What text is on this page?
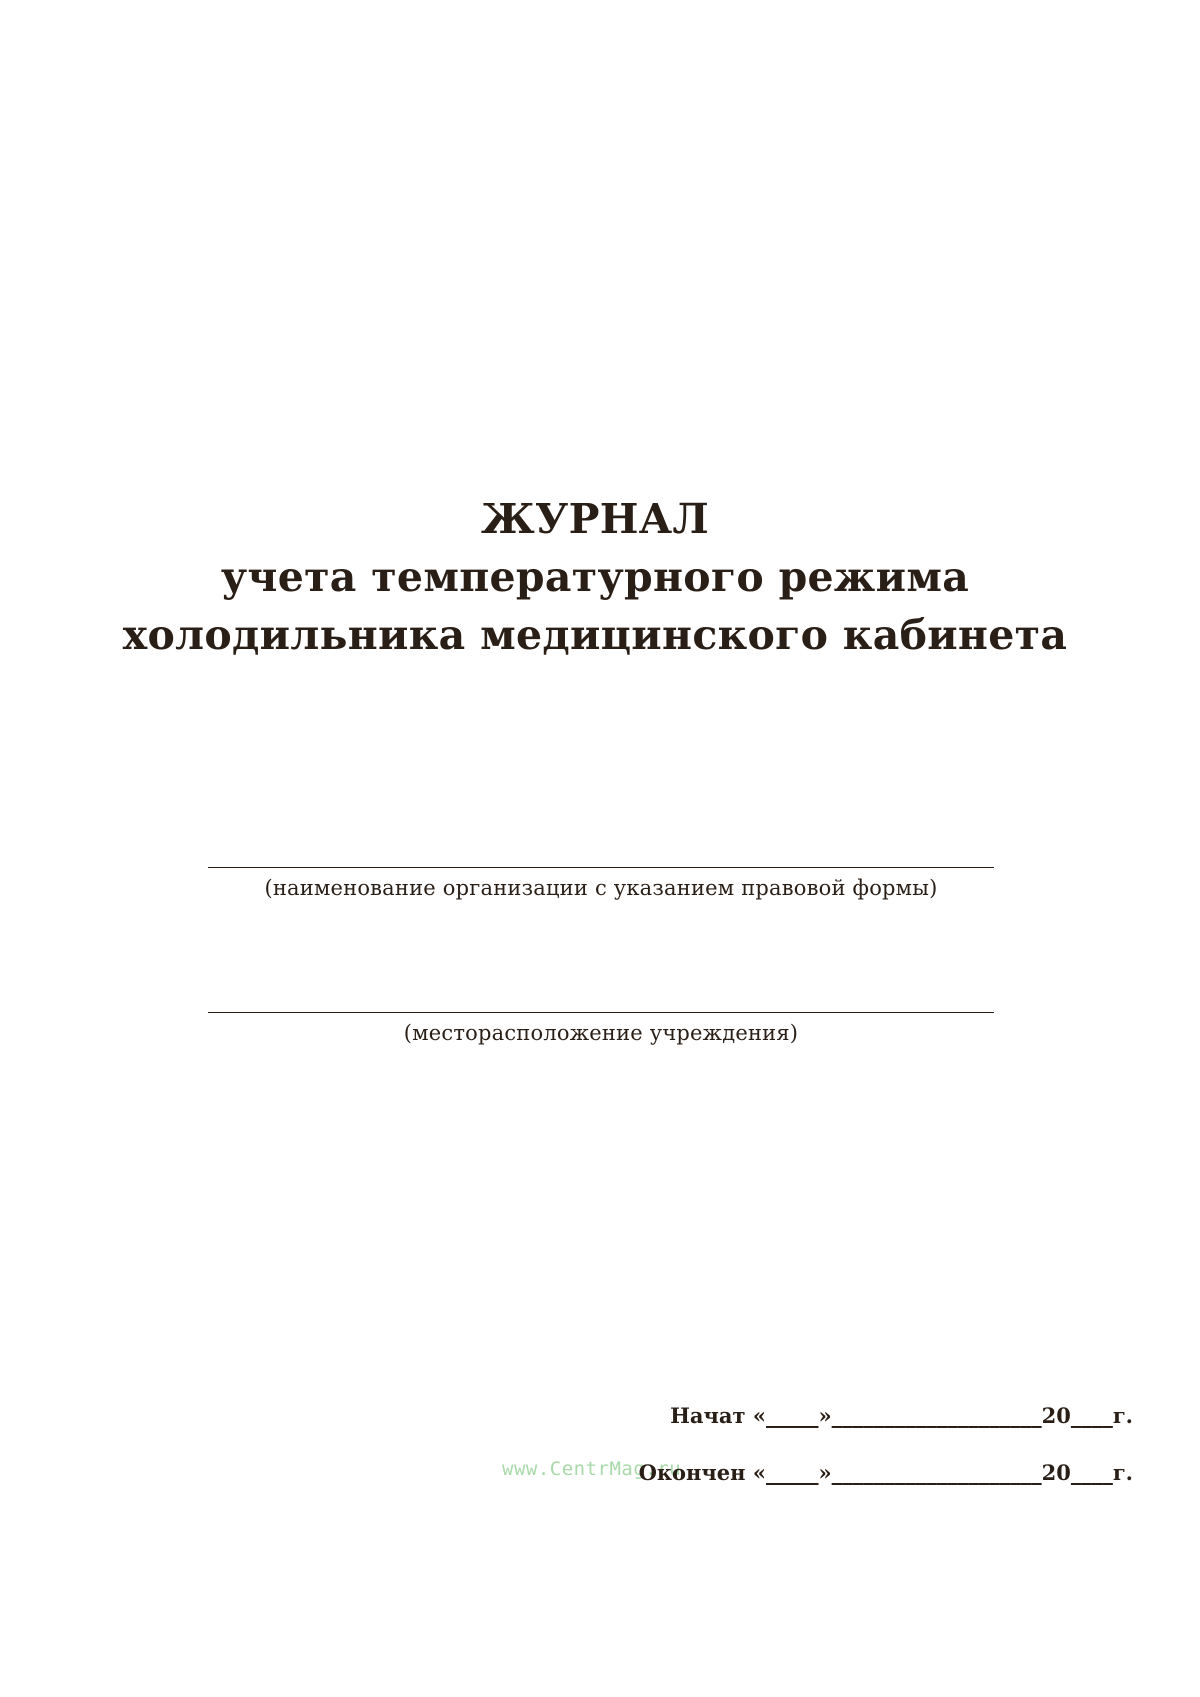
ЖУРНАЛ
учета температурного режима
холодильника медицинского кабинета
(наименование организации с указанием правовой формы)
(месторасположение учреждения)
Начат «_____»____________________20____г.
www.CentrMag.ru
Окончен «_____»____________________20____г.
